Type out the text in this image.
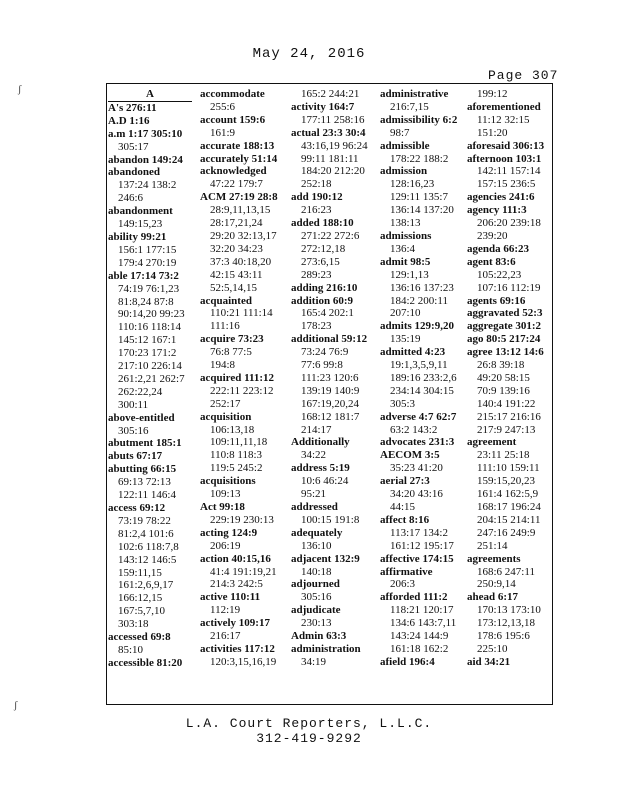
May 24, 2016
Page 307
A
A's 276:11
A.D 1:16
a.m 1:17 305:10
305:17
abandon 149:24
abandoned
137:24 138:2
246:6
abandonment
149:15,23
ability 99:21
156:1 177:15
179:4 270:19
able 17:14 73:2
74:19 76:1,23
81:8,24 87:8
90:14,20 99:23
110:16 118:14
145:12 167:1
170:23 171:2
217:10 226:14
261:2,21 262:7
262:22,24
300:11
above-entitled
305:16
abutment 185:1
abuts 67:17
abutting 66:15
69:13 72:13
122:11 146:4
access 69:12
73:19 78:22
81:2,4 101:6
102:6 118:7,8
143:12 146:5
159:11,15
161:2,6,9,17
166:12,15
167:5,7,10
303:18
accessed 69:8
85:10
accessible 81:20
accommodate
255:6
account 159:6
161:9
accurate 188:13
accurately 51:14
acknowledged
47:22 179:7
ACM 27:19 28:8
28:9,11,13,15
28:17,21,24
29:20 32:13,17
32:20 34:23
37:3 40:18,20
42:15 43:11
52:5,14,15
acquainted
110:21 111:14
111:16
acquire 73:23
76:8 77:5
194:8
acquired 111:12
222:11 223:12
252:17
acquisition
106:13,18
109:11,11,18
110:8 118:3
119:5 245:2
acquisitions
109:13
Act 99:18
229:19 230:13
acting 124:9
206:19
action 40:15,16
41:4 191:19,21
214:3 242:5
active 110:11
112:19
actively 109:17
216:17
activities 117:12
120:3,15,16,19
165:2 244:21
activity 164:7
177:11 258:16
actual 23:3 30:4
43:16,19 96:24
99:11 181:11
184:20 212:20
252:18
add 190:12
216:23
added 188:10
271:22 272:6
272:12,18
273:6,15
289:23
adding 216:10
addition 60:9
165:4 202:1
178:23
additional 59:12
73:24 76:9
77:6 99:8
111:23 120:6
139:19 140:9
167:19,20,24
168:12 181:7
214:17
Additionally
34:22
address 5:19
10:6 46:24
95:21
addressed
100:15 191:8
adequately
136:10
adjacent 132:9
140:18
adjourned
305:16
adjudicate
230:13
Admin 63:3
administration
34:19
administrative
216:7,15
admissibility 6:2
98:7
admissible
178:22 188:2
admission
128:16,23
129:11 135:7
136:14 137:20
138:13
admissions
136:4
admit 98:5
129:1,13
136:16 137:23
184:2 200:11
207:10
admits 129:9,20
135:19
admitted 4:23
19:1,3,5,9,11
189:16 233:2,6
234:14 304:15
305:3
adverse 4:7 62:7
63:2 143:2
advocates 231:3
AECOM 3:5
35:23 41:20
aerial 27:3
34:20 43:16
44:15
affect 8:16
113:17 134:2
161:12 195:17
affective 174:15
affirmative
206:3
afforded 111:2
118:21 120:17
134:6 143:7,11
143:24 144:9
161:18 162:2
afield 196:4
199:12
aforementioned
11:12 32:15
151:20
aforesaid 306:13
afternoon 103:1
142:11 157:14
157:15 236:5
agencies 241:6
agency 111:3
206:20 239:18
239:20
agenda 66:23
agent 83:6
105:22,23
107:16 112:19
agents 69:16
aggravated 52:3
aggregate 301:2
ago 80:5 217:24
agree 13:12 14:6
26:8 39:18
49:20 58:15
70:9 139:16
140:4 191:22
215:17 216:16
217:9 247:13
agreement
23:11 25:18
111:10 159:11
159:15,20,23
161:4 162:5,9
168:17 196:24
204:15 214:11
247:16 249:9
251:14
agreements
168:6 247:11
250:9,14
ahead 6:17
170:13 173:10
173:12,13,18
178:6 195:6
225:10
aid 34:21
L.A. Court Reporters, L.L.C.
312-419-9292
ʃ
ʃ
